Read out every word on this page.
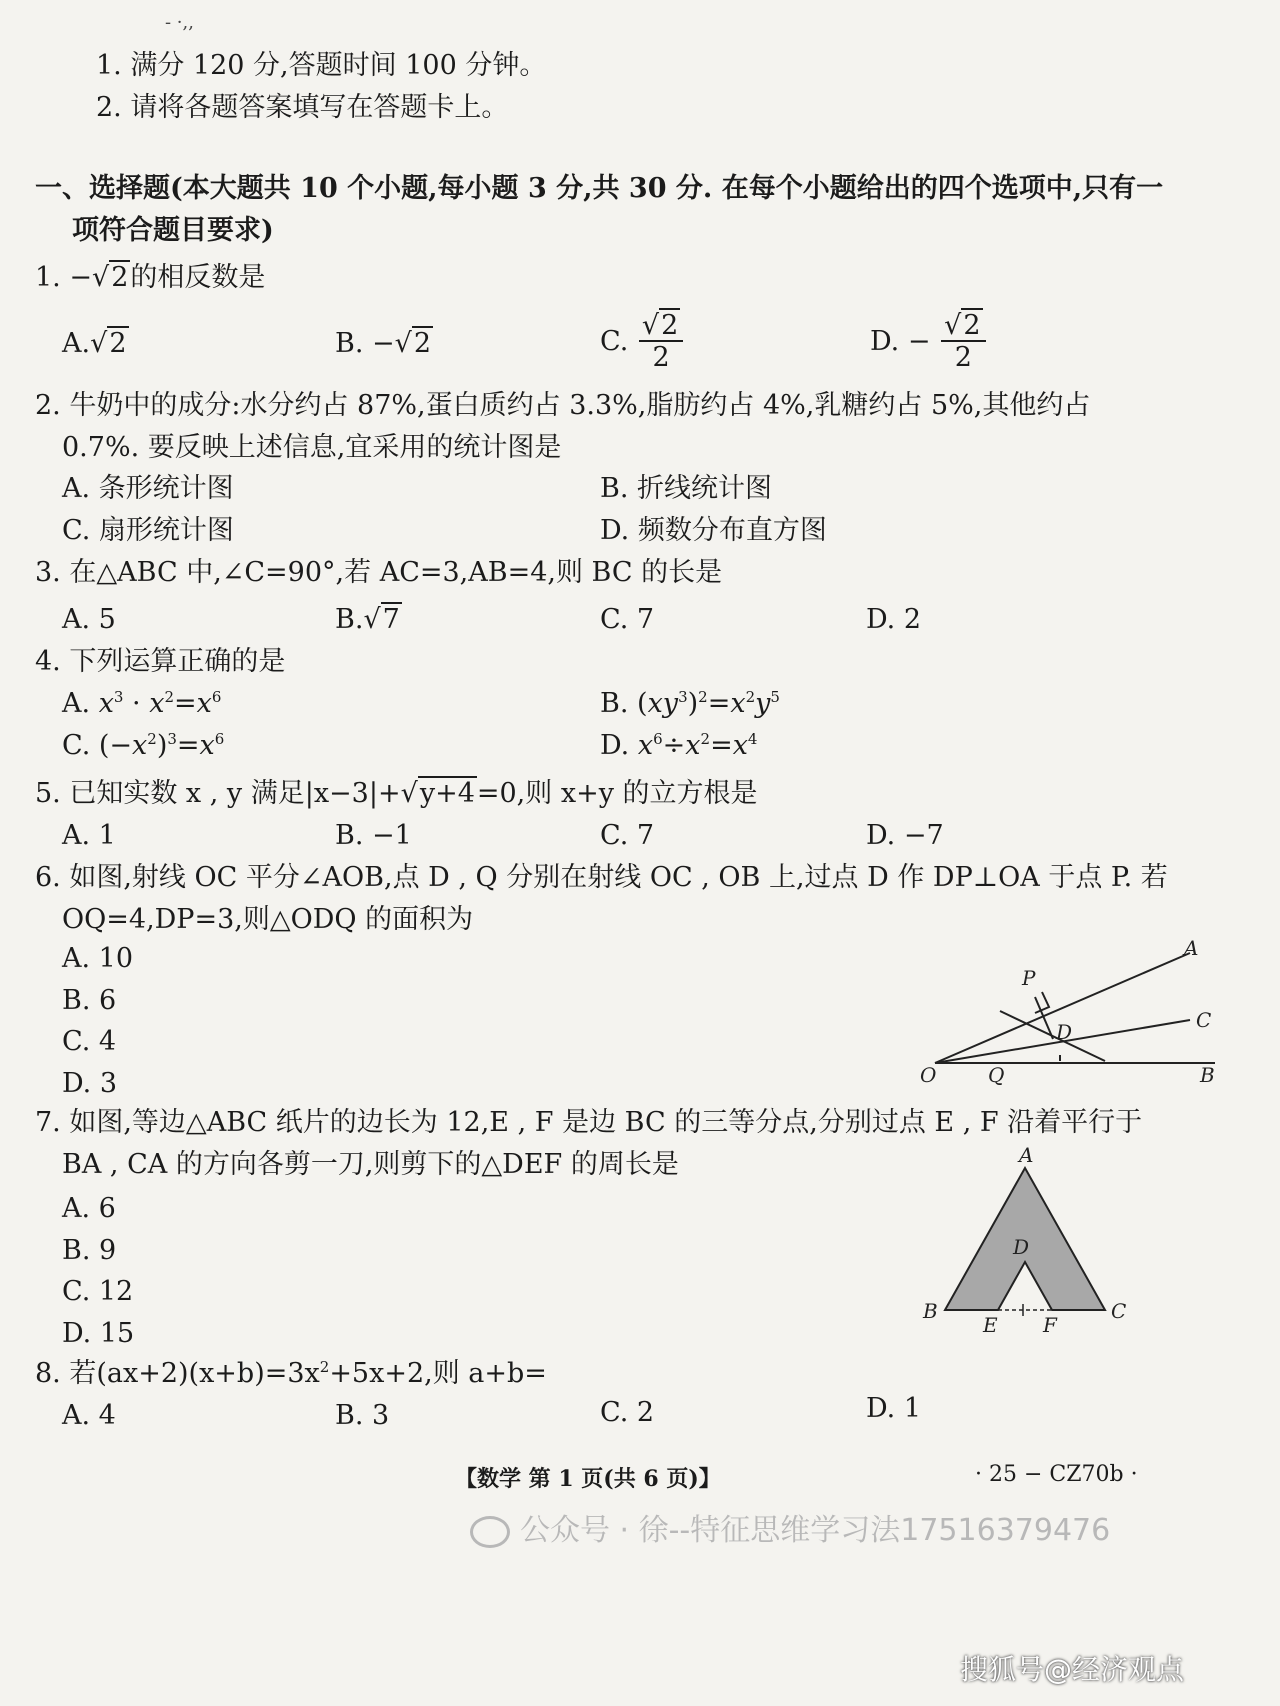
- ·,,
1. 满分 120 分,答题时间 100 分钟。
2. 请将各题答案填写在答题卡上。
一、选择题(本大题共 10 个小题,每小题 3 分,共 30 分. 在每个小题给出的四个选项中,只有一
项符合题目要求)
1. −√2的相反数是
A.√2	B. −√2	C. $\frac{√2}{2}$	D. − $\frac{√2}{2}$
2. 牛奶中的成分:水分约占 87%,蛋白质约占 3.3%,脂肪约占 4%,乳糖约占 5%,其他约占
0.7%. 要反映上述信息,宜采用的统计图是
A. 条形统计图	B. 折线统计图
C. 扇形统计图	D. 频数分布直方图
3. 在△ABC 中,∠C=90°,若 AC=3,AB=4,则 BC 的长是
A. 5	B.√7	C. 7	D. 2
4. 下列运算正确的是
A. $x^3 \cdot x^2=x^6$	B. $(xy^3)^2=x^2y^5$
C. $(-x^2)^3=x^6$	D. $x^6\div x^2=x^4$
5. 已知实数 x , y 满足|x−3|+√y+4=0,则 x+y 的立方根是
A. 1	B. −1	C. 7	D. −7
6. 如图,射线 OC 平分∠AOB,点 D , Q 分别在射线 OC , OB 上,过点 D 作 DP⊥OA 于点 P. 若
OQ=4,DP=3,则△ODQ 的面积为
A. 10
B. 6
C. 4
D. 3
A
P
C
D
O	Q	B
7. 如图,等边△ABC 纸片的边长为 12,E , F 是边 BC 的三等分点,分别过点 E , F 沿着平行于
BA , CA 的方向各剪一刀,则剪下的△DEF 的周长是
A. 6
B. 9
C. 12
D. 15
A
D
B
E F
C
8. 若$(ax+2)(x+b)=3x^2+5x+2$,则 a+b=
A. 4	B. 3	C. 2	D. 1
【数学 第 1 页(共 6 页)】	· 25 − CZ70b ·
公众号 · 徐--特征思维学习法17516379476
搜狐号@经济观点
